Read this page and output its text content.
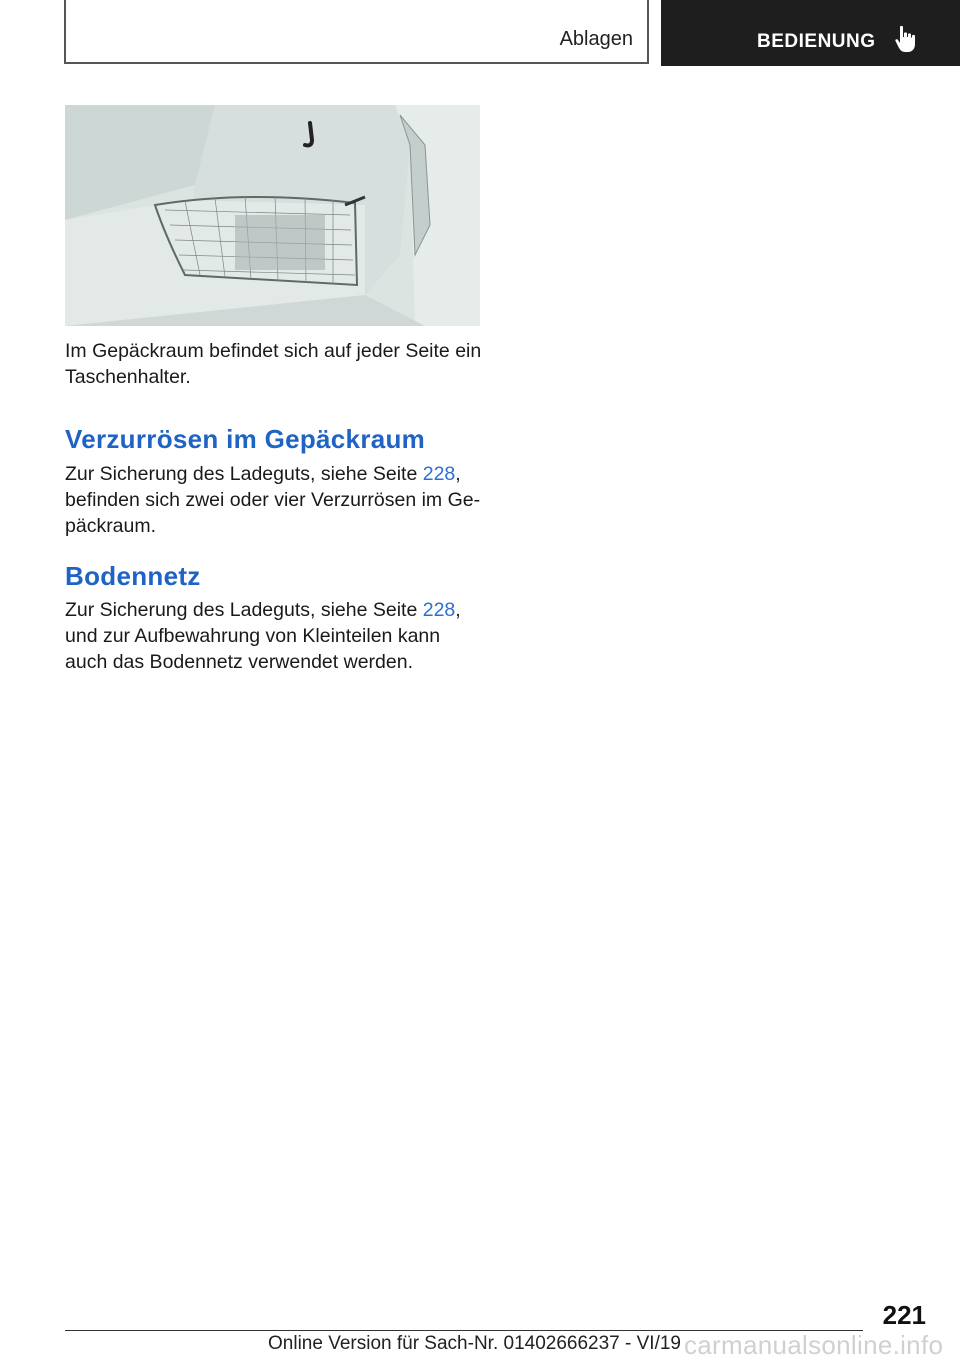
Ablagen	BEDIENUNG
Im Gepäckraum befindet sich auf jeder Seite ein Taschenhalter.
Verzurrösen im Gepäckraum
Zur Sicherung des Ladeguts, siehe Seite 228, befinden sich zwei oder vier Verzurrösen im Ge-päckraum.
Bodennetz
Zur Sicherung des Ladeguts, siehe Seite 228, und zur Aufbewahrung von Kleinteilen kann auch das Bodennetz verwendet werden.
221
Online Version für Sach-Nr. 01402666237 - VI/19 carmanualsonline.info
